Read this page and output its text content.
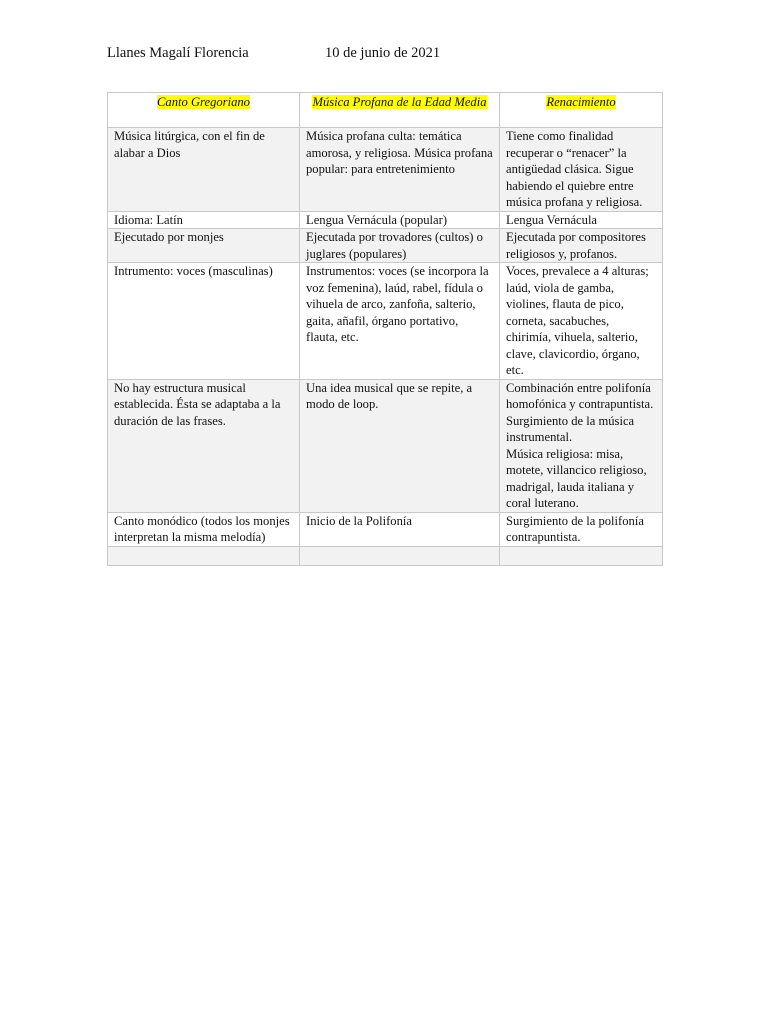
Llanes Magalí Florencia	10 de junio de 2021
Canto Gregoriano	Música Profana de la Edad Media	Renacimiento
Música litúrgica, con el fin de alabar a Dios	Música profana culta: temática amorosa, y religiosa. Música profana popular: para entretenimiento	Tiene como finalidad recuperar o “renacer” la antigüedad clásica. Sigue habiendo el quiebre entre música profana y religiosa.
Idioma: Latín	Lengua Vernácula (popular)	Lengua Vernácula
Ejecutado por monjes	Ejecutada por trovadores (cultos) o juglares (populares)	Ejecutada por compositores religiosos y, profanos.
Intrumento: voces (masculinas)	Instrumentos: voces (se incorpora la voz femenina), laúd, rabel, fídula o vihuela de arco, zanfoña, salterio, gaita, añafil, órgano portativo, flauta, etc.	Voces, prevalece a 4 alturas; laúd, viola de gamba, violines, flauta de pico, corneta, sacabuches, chirimía, vihuela, salterio, clave, clavicordio, órgano, etc.
No hay estructura musical establecida. Ésta se adaptaba a la duración de las frases.	Una idea musical que se repite, a modo de loop.	Combinación entre polifonía homofónica y contrapuntista.
Surgimiento de la música instrumental.
Música religiosa: misa, motete, villancico religioso, madrigal, lauda italiana y coral luterano.
Canto monódico (todos los monjes interpretan la misma melodía)	Inicio de la Polifonía	Surgimiento de la polifonía contrapuntista.
